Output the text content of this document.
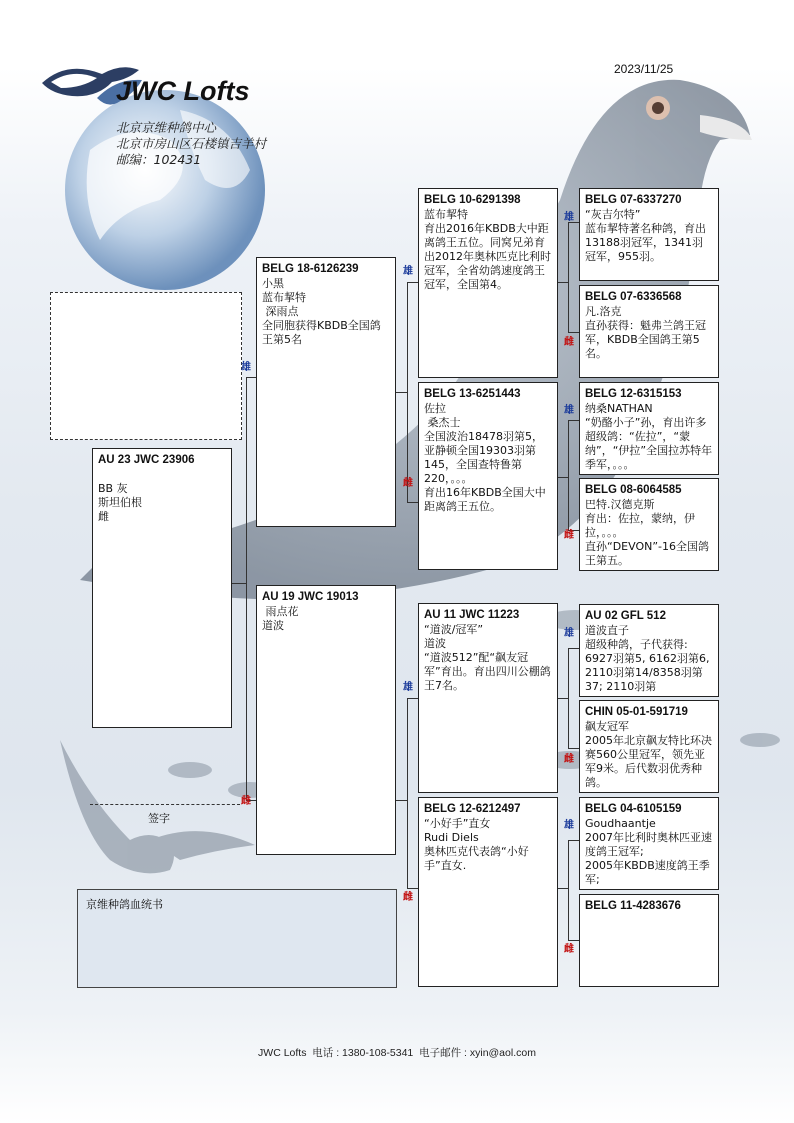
2023/11/25
JWC Lofts
北京京维种鸽中心
北京市房山区石楼镇吉羊村
邮编：102431
雄
雌
雄
雌
雄
雌
雄
雌
雄
雌
雄
雌
雄
雌
AU 23 JWC 23906

BB 灰
斯坦伯根
雌
BELG 18-6126239
小黑
蓝布挈特
深雨点
全同胞获得KBDB全国鸽王第5名
AU 19 JWC 19013
雨点花
道波
BELG 10-6291398
蓝布挈特
育出2016年KBDB大中距离鸽王五位。同窝兄弟育出2012年奥林匹克比利时冠军，全省幼鸽速度鸽王冠军，全国第4。
BELG 13-6251443
佐拉
桑杰士
全国波治18478羽第5，亚静顿全国19303羽第145，全国查特鲁第220，。。。
育出16年KBDB全国大中距离鸽王五位。
AU 11 JWC 11223
“道波/冠军”
道波
“道波512”配“飙友冠军”育出。育出四川公棚鸽王7名。
BELG 12-6212497
“小好手”直女
Rudi Diels
奥林匹克代表鸽“小好手”直女.
BELG 07-6337270
“灰吉尔特”
蓝布挈特著名种鸽，育出13188羽冠军，1341羽冠军，955羽。
BELG 07-6336568
凡.洛克
直孙获得：魁弗兰鸽王冠军，KBDB全国鸽王第5名。
BELG 12-6315153
纳桑NATHAN
“奶酪小子”孙，育出许多超级鸽：“佐拉”，“蒙纳”，“伊拉”全国拉苏特年季军，。。。
BELG 08-6064585
巴特.汉德克斯
育出：佐拉，蒙纳，伊拉，。。。
直孙“DEVON”-16全国鸽王第五。
AU 02 GFL 512
道波直子
超级种鸽，子代获得: 6927羽第5, 6162羽第6, 2110羽第14/8358羽第37; 2110羽第
CHIN 05-01-591719
飙友冠军
2005年北京飙友特比环决赛560公里冠军，领先亚军9米。后代数羽优秀种鸽。
BELG 04-6105159
Goudhaantje
2007年比利时奥林匹亚速度鸽王冠军;
2005年KBDB速度鸽王季军;
BELG 11-4283676
签字
京维种鸽血统书
JWC Lofts  电话 : 1380-108-5341  电子邮件 : xyin@aol.com
